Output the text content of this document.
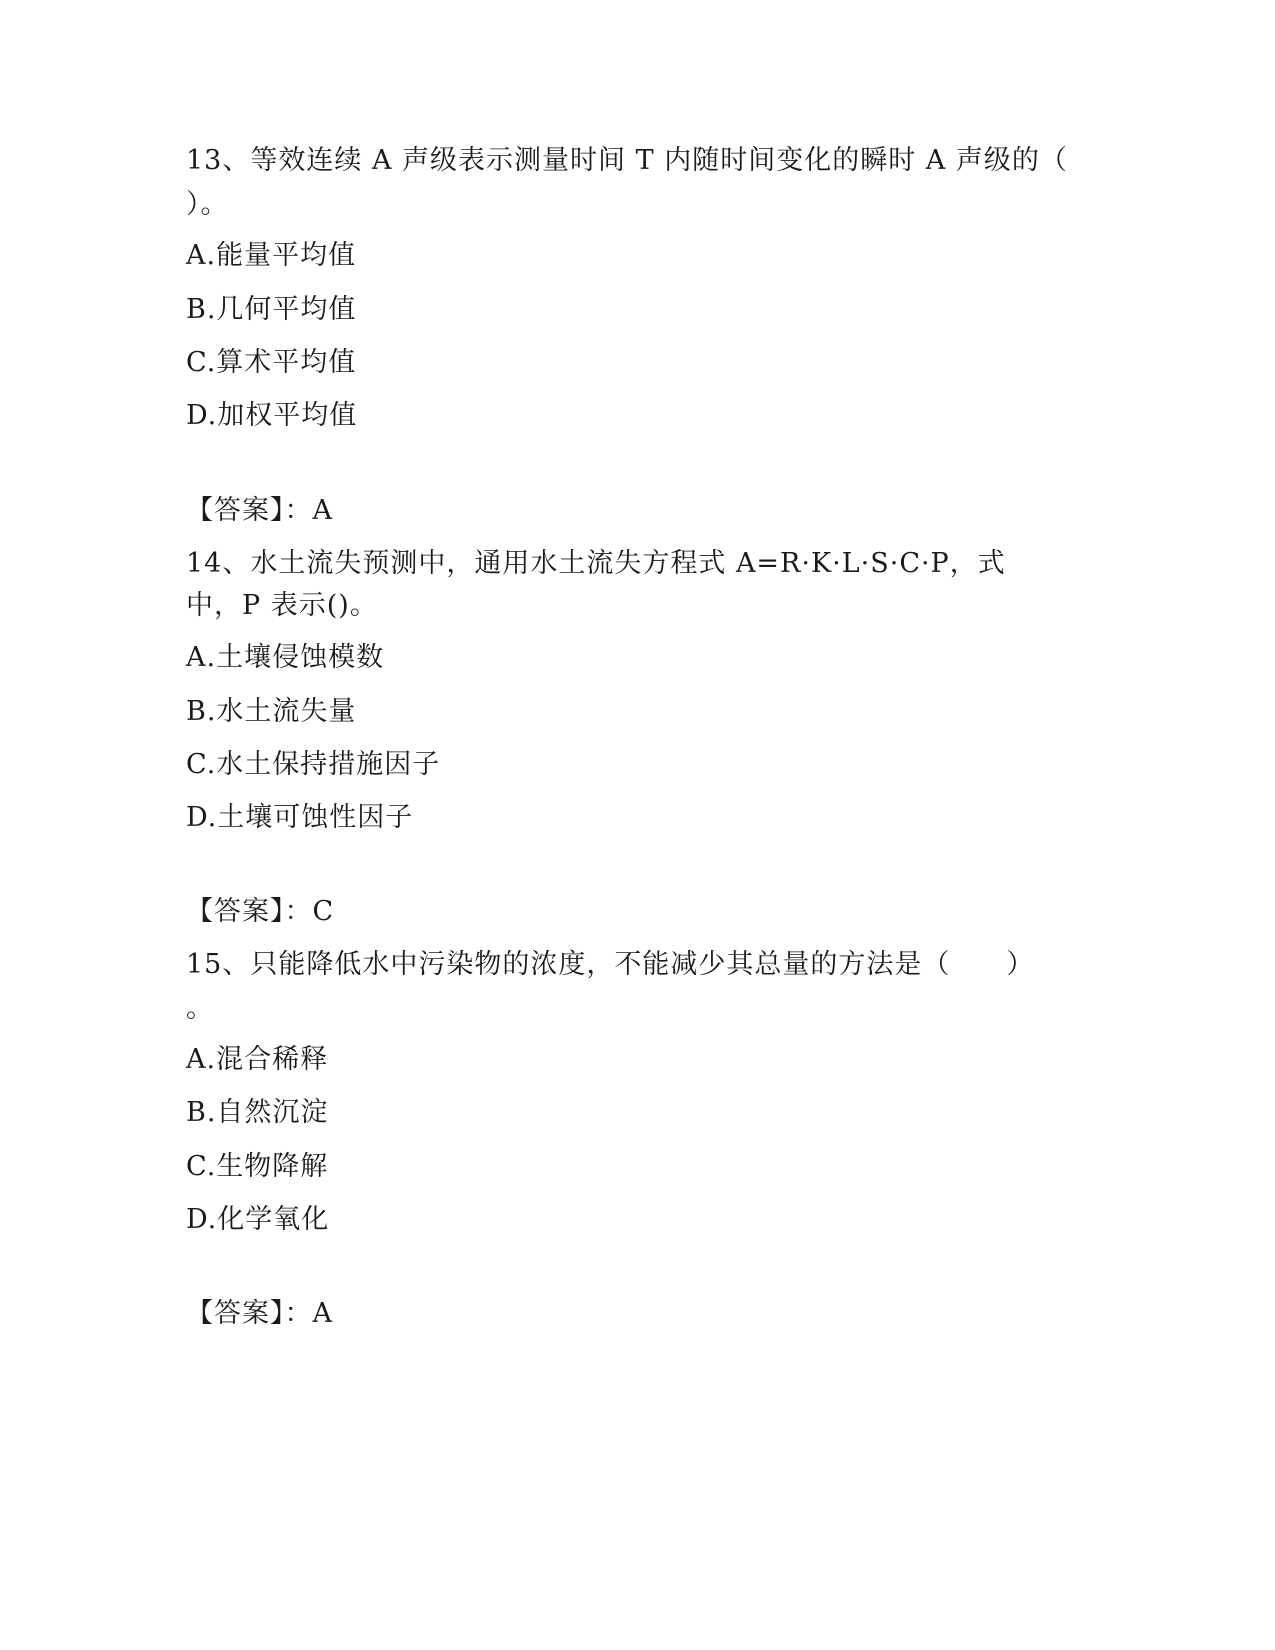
13、等效连续 A 声级表示测量时间 T 内随时间变化的瞬时 A 声级的（
）。
A.能量平均值
B.几何平均值
C.算术平均值
D.加权平均值
【答案】：A
14、水土流失预测中，通用水土流失方程式 A=R·K·L·S·C·P，式
中，P 表示()。
A.土壤侵蚀模数
B.水土流失量
C.水土保持措施因子
D.土壤可蚀性因子
【答案】：C
15、只能降低水中污染物的浓度，不能减少其总量的方法是（　　）
。
A.混合稀释
B.自然沉淀
C.生物降解
D.化学氧化
【答案】：A
